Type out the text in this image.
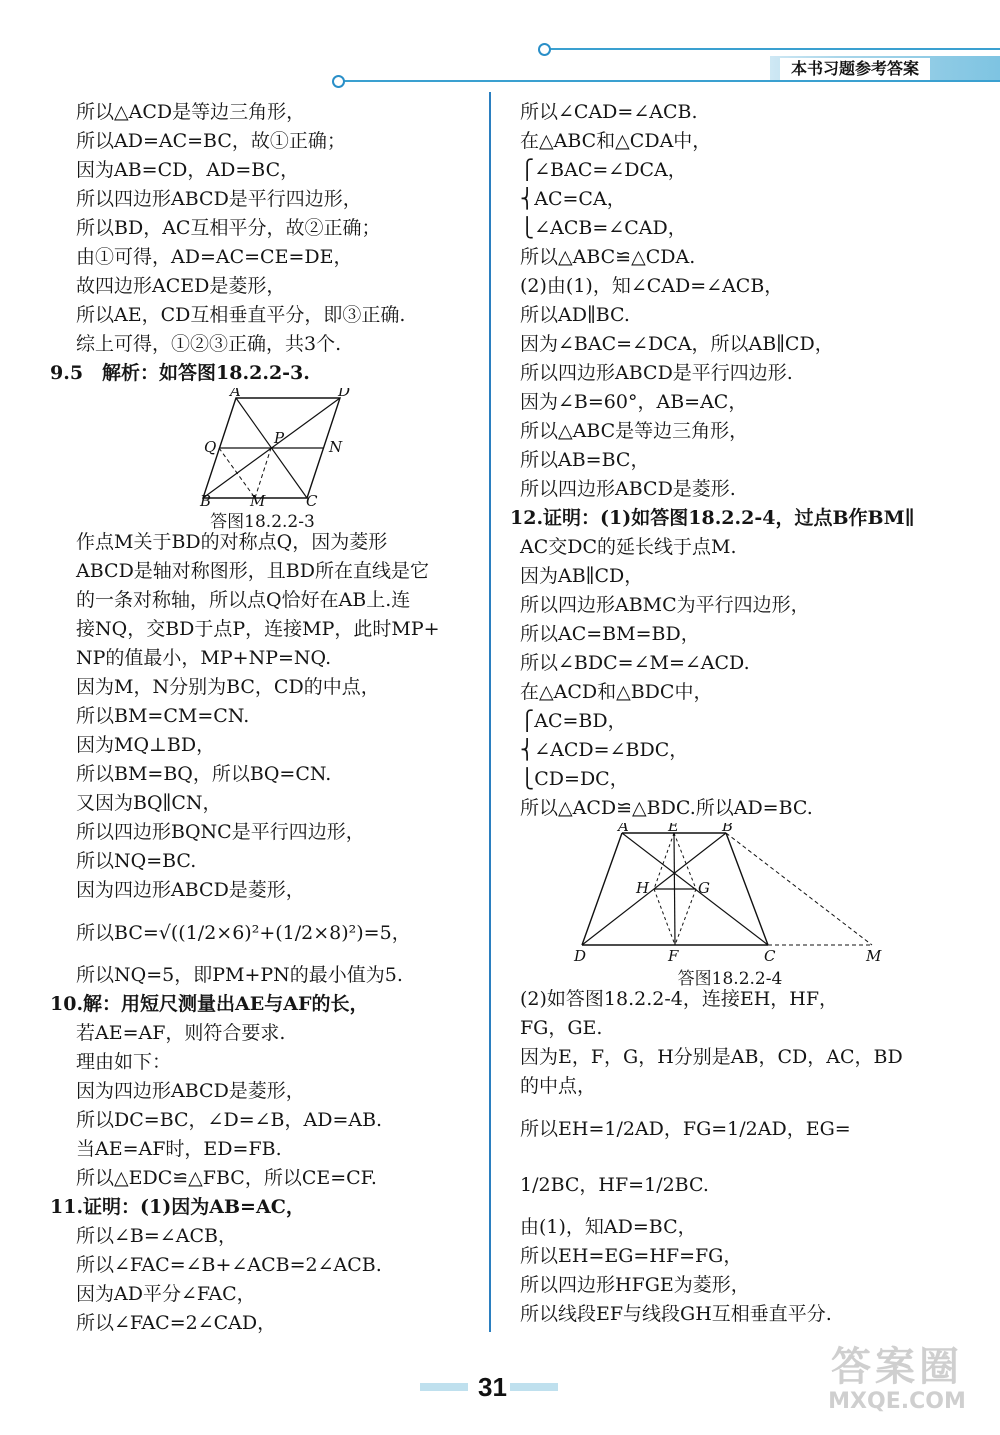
本书习题参考答案
所以△ACD是等边三角形，
所以AD=AC=BC，故①正确；
因为AB=CD，AD=BC，
所以四边形ABCD是平行四边形，
所以BD，AC互相平分，故②正确；
由①可得，AD=AC=CE=DE，
故四边形ACED是菱形，
所以AE，CD互相垂直平分，即③正确.
综上可得，①②③正确，共3个.
9.5　解析：如答图18.2.2-3.
A	D
Q	P	N
B	M	C
答图18.2.2-3
作点M关于BD的对称点Q，因为菱形
ABCD是轴对称图形，且BD所在直线是它
的一条对称轴，所以点Q恰好在AB上.连
接NQ，交BD于点P，连接MP，此时MP+
NP的值最小，MP+NP=NQ.
因为M，N分别为BC，CD的中点，
所以BM=CM=CN.
因为MQ⊥BD，
所以BM=BQ，所以BQ=CN.
又因为BQ∥CN，
所以四边形BQNC是平行四边形，
所以NQ=BC.
因为四边形ABCD是菱形，
所以BC=√((1/2×6)²+(1/2×8)²)=5，
所以NQ=5，即PM+PN的最小值为5.
10.解：用短尺测量出AE与AF的长，
若AE=AF，则符合要求.
理由如下：
因为四边形ABCD是菱形，
所以DC=BC，∠D=∠B，AD=AB.
当AE=AF时，ED=FB.
所以△EDC≌△FBC，所以CE=CF.
11.证明：(1)因为AB=AC，
所以∠B=∠ACB，
所以∠FAC=∠B+∠ACB=2∠ACB.
因为AD平分∠FAC，
所以∠FAC=2∠CAD，
所以∠CAD=∠ACB.
在△ABC和△CDA中，
⎧∠BAC=∠DCA，
⎨AC=CA，
⎩∠ACB=∠CAD，
所以△ABC≌△CDA.
(2)由(1)，知∠CAD=∠ACB，
所以AD∥BC.
因为∠BAC=∠DCA，所以AB∥CD，
所以四边形ABCD是平行四边形.
因为∠B=60°，AB=AC，
所以△ABC是等边三角形，
所以AB=BC，
所以四边形ABCD是菱形.
12.证明：(1)如答图18.2.2-4，过点B作BM∥
AC交DC的延长线于点M.
因为AB∥CD，
所以四边形ABMC为平行四边形，
所以AC=BM=BD，
所以∠BDC=∠M=∠ACD.
在△ACD和△BDC中，
⎧AC=BD，
⎨∠ACD=∠BDC，
⎩CD=DC，
所以△ACD≌△BDC.所以AD=BC.
A	E	B
H	G
D	F	C	M
答图18.2.2-4
(2)如答图18.2.2-4，连接EH，HF，
FG，GE.
因为E，F，G，H分别是AB，CD，AC，BD
的中点，
所以EH=1/2AD，FG=1/2AD，EG=
1/2BC，HF=1/2BC.
由(1)，知AD=BC，
所以EH=EG=HF=FG，
所以四边形HFGE为菱形，
所以线段EF与线段GH互相垂直平分.
31	答案圈
MXQE.COM
